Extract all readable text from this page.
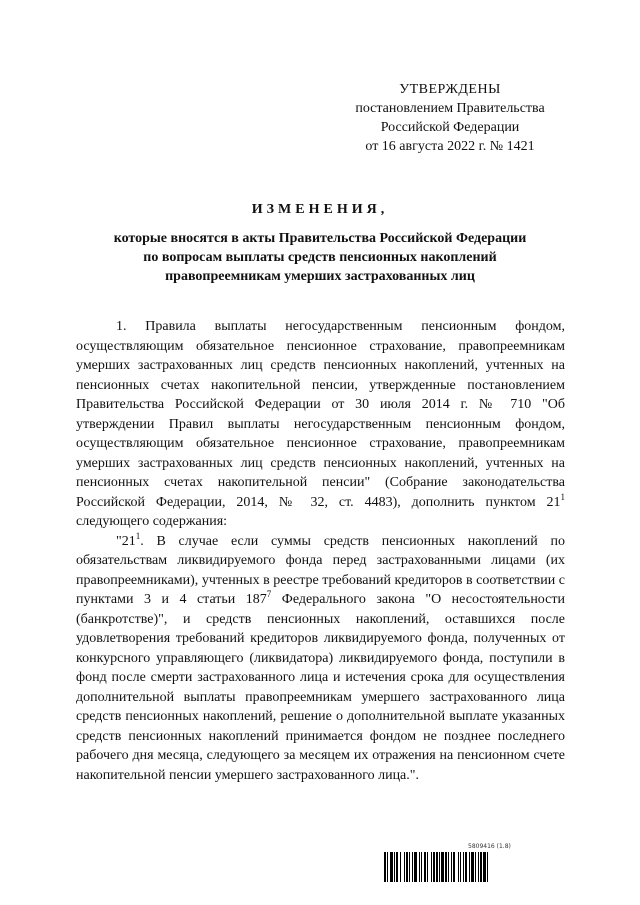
УТВЕРЖДЕНЫ
постановлением Правительства
Российской Федерации
от 16 августа 2022 г. № 1421
ИЗМЕНЕНИЯ,
которые вносятся в акты Правительства Российской Федерации
по вопросам выплаты средств пенсионных накоплений
правопреемникам умерших застрахованных лиц

1. Правила выплаты негосударственным пенсионным фондом, осуществляющим обязательное пенсионное страхование, правопреемникам умерших застрахованных лиц средств пенсионных накоплений, учтенных на пенсионных счетах накопительной пенсии, утвержденные постановлением Правительства Российской Федерации от 30 июля 2014 г. № 710 "Об утверждении Правил выплаты негосударственным пенсионным фондом, осуществляющим обязательное пенсионное страхование, правопреемникам умерших застрахованных лиц средств пенсионных накоплений, учтенных на пенсионных счетах накопительной пенсии" (Собрание законодательства Российской Федерации, 2014, № 32, ст. 4483), дополнить пунктом $21^1$ следующего содержания:

"$21^1$. В случае если суммы средств пенсионных накоплений по обязательствам ликвидируемого фонда перед застрахованными лицами (их правопреемниками), учтенных в реестре требований кредиторов в соответствии с пунктами 3 и 4 статьи $187^7$ Федерального закона "О несостоятельности (банкротстве)", и средств пенсионных накоплений, оставшихся после удовлетворения требований кредиторов ликвидируемого фонда, полученных от конкурсного управляющего (ликвидатора) ликвидируемого фонда, поступили в фонд после смерти застрахованного лица и истечения срока для осуществления дополнительной выплаты правопреемникам умершего застрахованного лица средств пенсионных накоплений, решение о дополнительной выплате указанных средств пенсионных накоплений принимается фондом не позднее последнего рабочего дня месяца, следующего за месяцем их отражения на пенсионном счете накопительной пенсии умершего застрахованного лица.".

5809416 (1.8)
